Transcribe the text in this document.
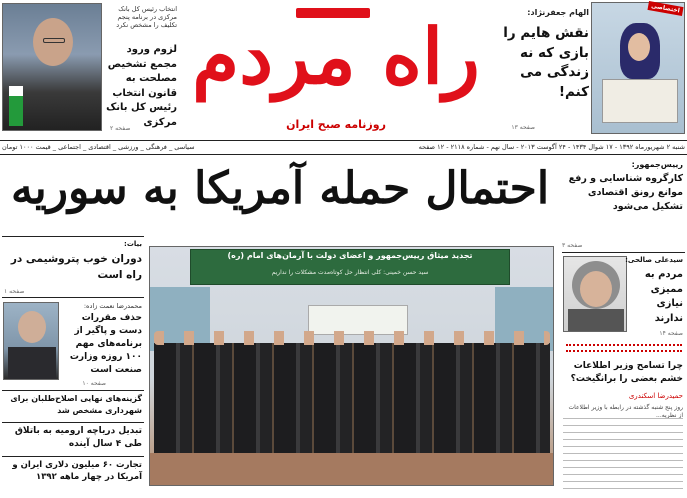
انتخاب رئیس کل بانک مرکزی در برنامه پنجم تکلیف را مشخص نکرد
لزوم ورود مجمع تشخیص مصلحت به قانون انتخاب رئیس کل بانک مرکزی
صفحه ۲
راه مردم
روزنامه صبح ایران
اختصاصی
الهام جعفرنژاد:
نقش هایم را بازی که نه زندگی می کنم!
صفحه ۱۳
شنبه ۲ شهریورماه ۱۳۹۲ - ۱۷ شوال ۱۴۳۴ - ۲۴ آگوست ۲۰۱۳ - سال نهم - شماره ۲۱۱۸ - ۱۲ صفحه
سیاسی _ فرهنگی _ ورزشی _ اقتصادی _ اجتماعی _ قیمت ۱۰۰۰ تومان
رییس‌جمهور:
کارگروه شناسایی و رفع موانع رونق اقتصادی تشکیل می‌شود
صفحه ۳
سیدعلی صالحی:
مردم به ممیزی نیازی ندارند
صفحه ۱۴
چرا تسامح وزیر اطلاعات خشم بعضی را برانگیخت؟
حمیدرضا اسکندری
روز پنج شنبه گذشته در رابطه با وزیر اطلاعات از نظریه...
احتمال حمله آمریکا به سوریه
تجدید میثاق رییس‌جمهور و اعضای دولت با آرمان‌های امام (ره)
سید حسن خمینی: کلی انتظار حل کوتاه‌مدت مشکلات را نداریم
بیات:
دوران خوب پتروشیمی در راه است
صفحه ۱
محمدرضا نعمت زاده:
حذف مقررات دست و پاگیر از برنامه‌های مهم ۱۰۰ روزه وزارت صنعت است
صفحه ۱۰
گزینه‌های نهایی اصلاح‌طلبان برای شهرداری مشخص شد
تبدیل دریاچه ارومیه به باتلاق طی ۴ سال آینده
تجارت ۶۰ میلیون دلاری ایران و آمریکا در چهار ماهه ۱۳۹۲
